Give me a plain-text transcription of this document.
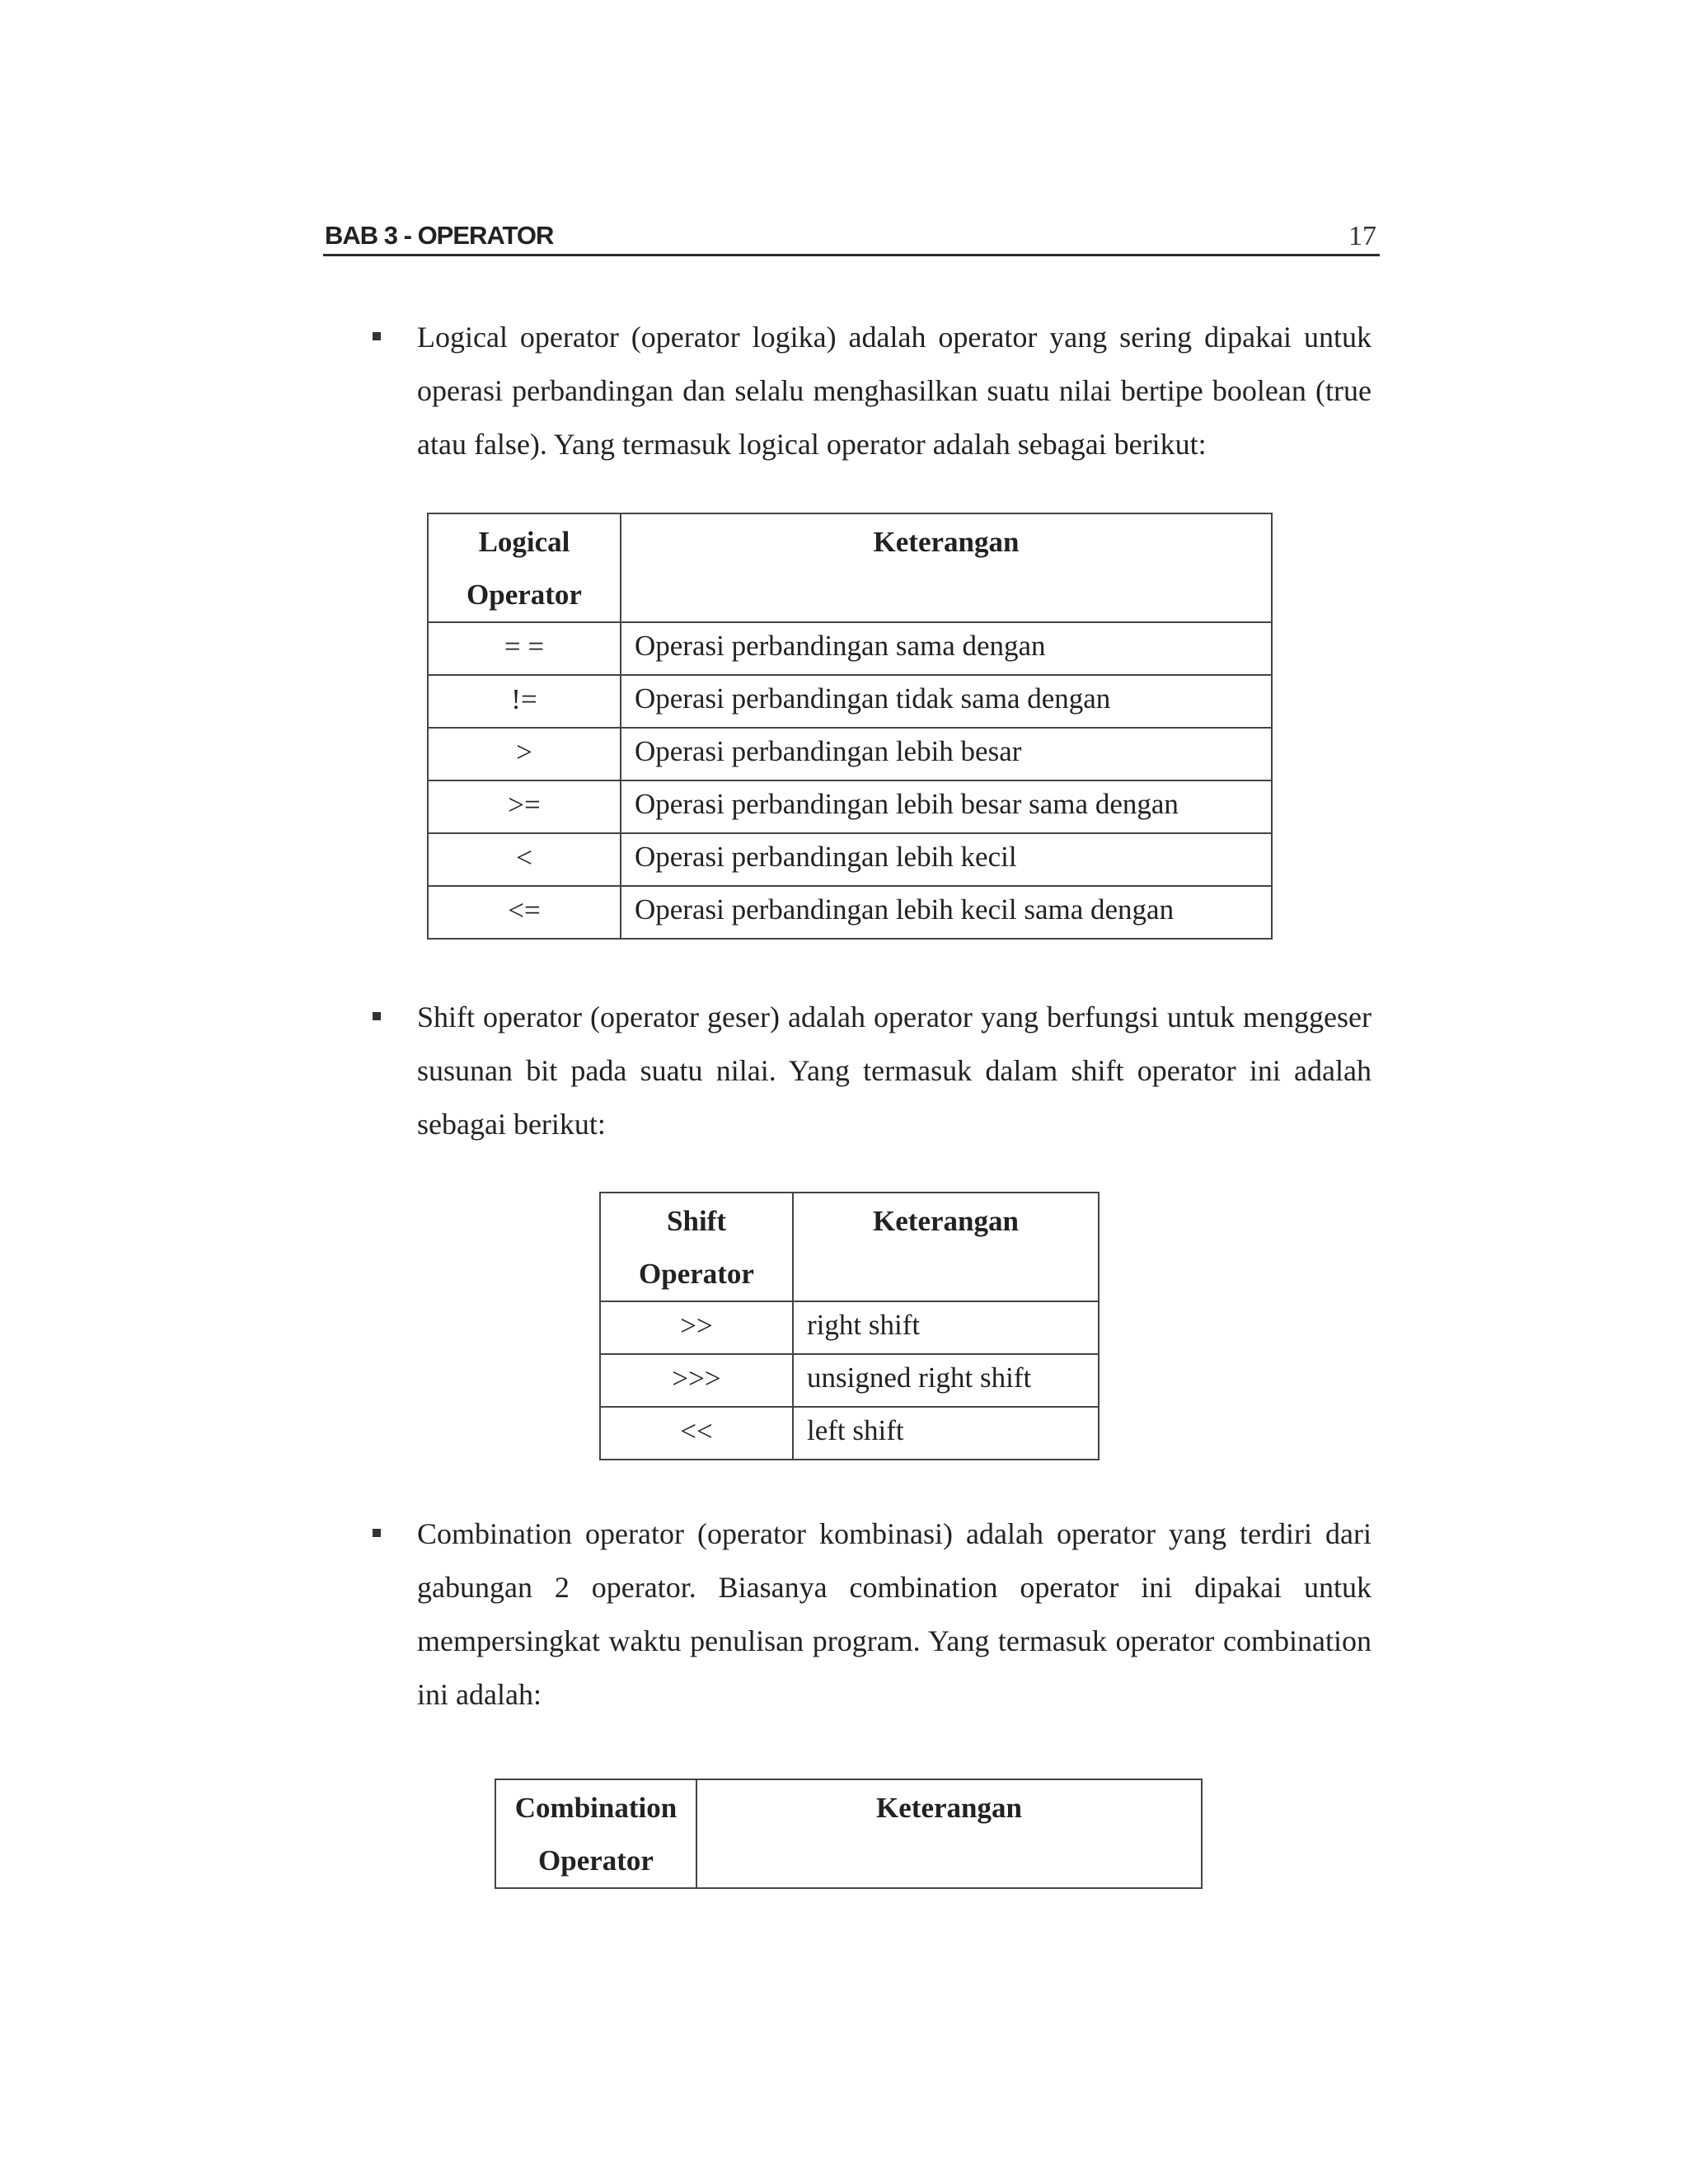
BAB 3 - OPERATOR	17

Logical operator (operator logika) adalah operator yang sering dipakai untuk operasi perbandingan dan selalu menghasilkan suatu nilai bertipe boolean (true atau false). Yang termasuk logical operator adalah sebagai berikut:

Logical
Operator	Keterangan
= =	Operasi perbandingan sama dengan
!=	Operasi perbandingan tidak sama dengan
>	Operasi perbandingan lebih besar
>=	Operasi perbandingan lebih besar sama dengan
<	Operasi perbandingan lebih kecil
<=	Operasi perbandingan lebih kecil sama dengan

Shift operator (operator geser) adalah operator yang berfungsi untuk menggeser susunan bit pada suatu nilai. Yang termasuk dalam shift operator ini adalah sebagai berikut:

Shift
Operator	Keterangan
>>	right shift
>>>	unsigned right shift
<<	left shift

Combination operator (operator kombinasi) adalah operator yang terdiri dari gabungan 2 operator. Biasanya combination operator ini dipakai untuk mempersingkat waktu penulisan program. Yang termasuk operator combination ini adalah:

Combination
Operator	Keterangan
